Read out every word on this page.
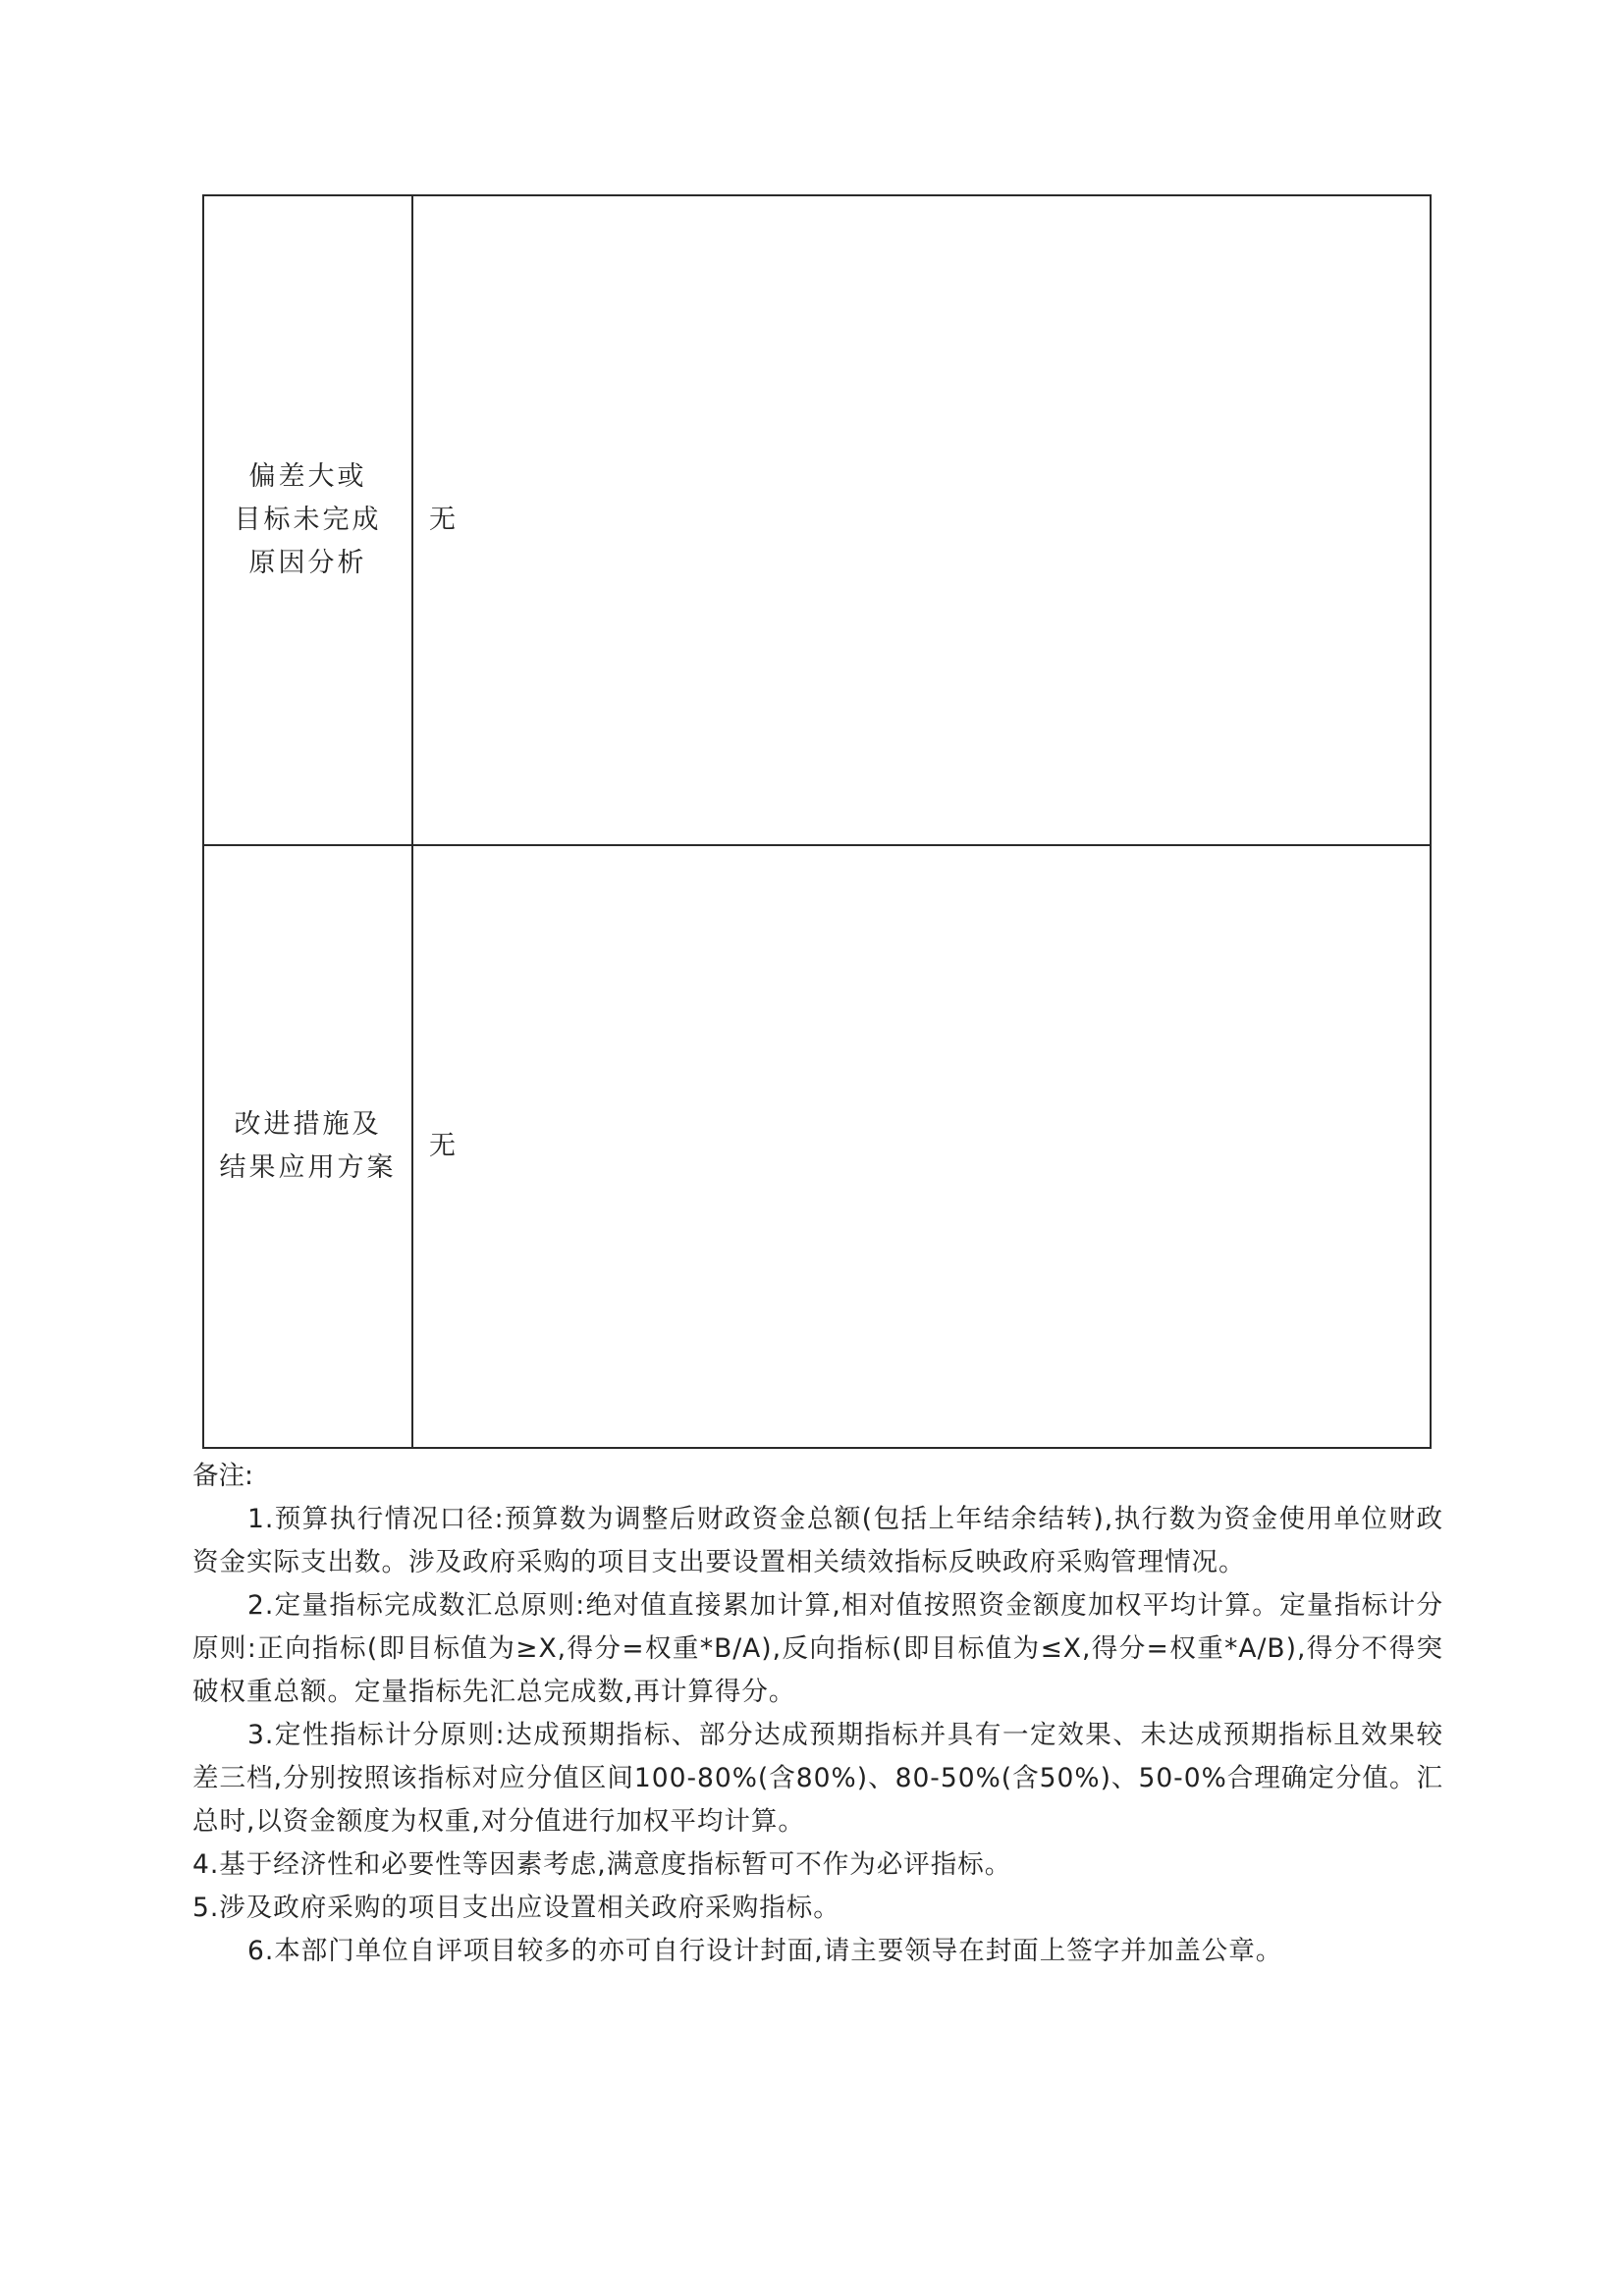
偏差大或
目标未完成
原因分析
无
改进措施及
结果应用方案
无

备注:

1.预算执行情况口径:预算数为调整后财政资金总额(包括上年结余结转),执行数为资金使用单位财政资金实际支出数。涉及政府采购的项目支出要设置相关绩效指标反映政府采购管理情况。

2.定量指标完成数汇总原则:绝对值直接累加计算,相对值按照资金额度加权平均计算。定量指标计分原则:正向指标(即目标值为≥X,得分=权重*B/A),反向指标(即目标值为≤X,得分=权重*A/B),得分不得突破权重总额。定量指标先汇总完成数,再计算得分。

3.定性指标计分原则:达成预期指标、部分达成预期指标并具有一定效果、未达成预期指标且效果较差三档,分别按照该指标对应分值区间100-80%(含80%)、80-50%(含50%)、50-0%合理确定分值。汇总时,以资金额度为权重,对分值进行加权平均计算。

4.基于经济性和必要性等因素考虑,满意度指标暂可不作为必评指标。

5.涉及政府采购的项目支出应设置相关政府采购指标。

6.本部门单位自评项目较多的亦可自行设计封面,请主要领导在封面上签字并加盖公章。
